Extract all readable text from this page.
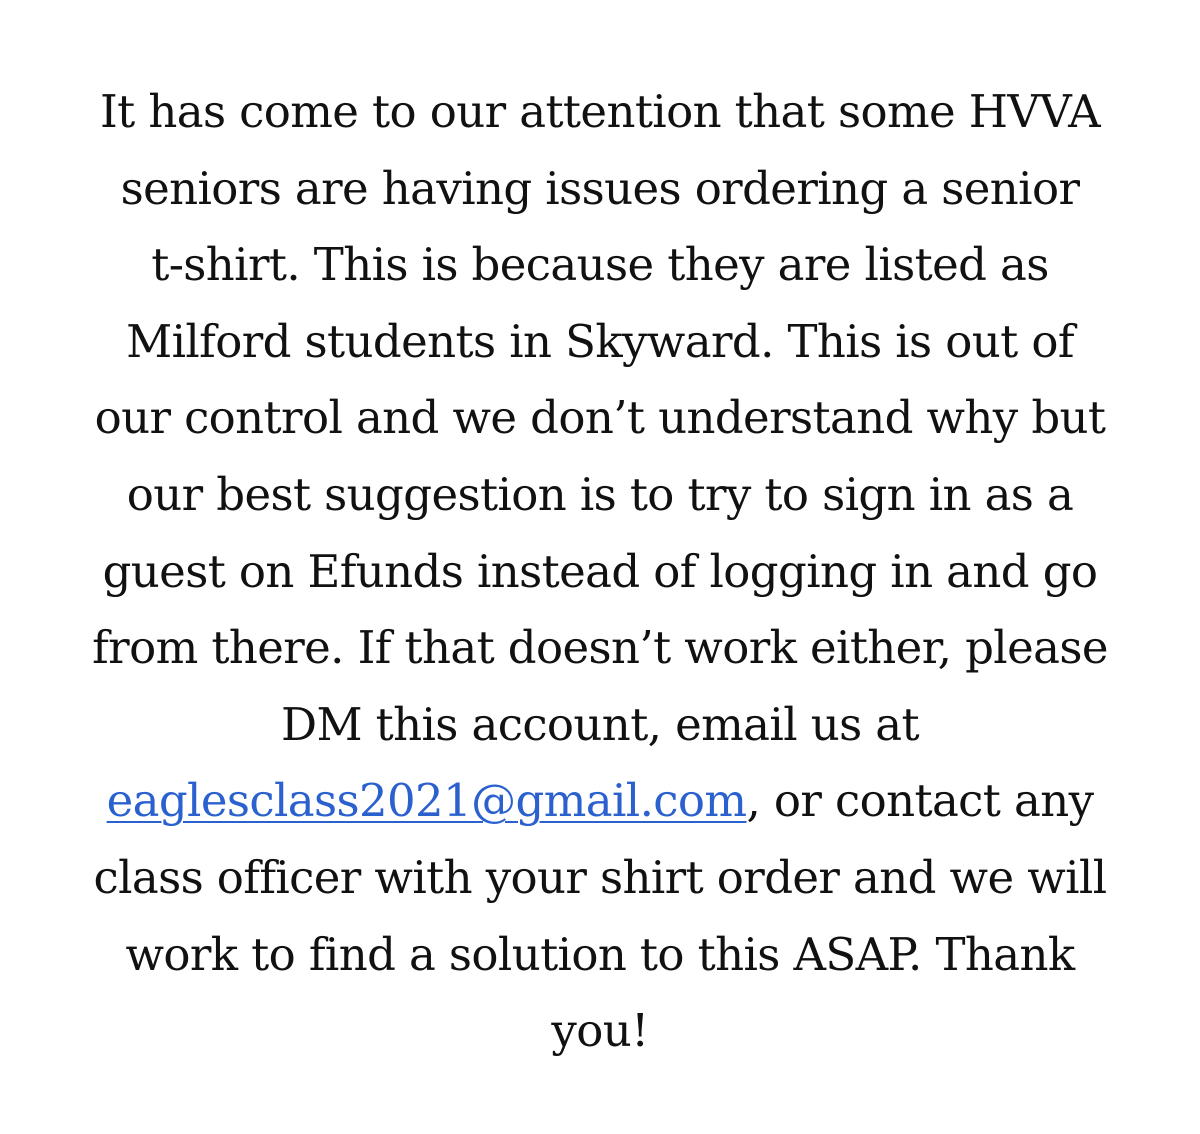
It has come to our attention that some HVVA
seniors are having issues ordering a senior
t-shirt. This is because they are listed as
Milford students in Skyward. This is out of
our control and we don’t understand why but
our best suggestion is to try to sign in as a
guest on Efunds instead of logging in and go
from there. If that doesn’t work either, please
DM this account, email us at
eaglesclass2021@gmail.com, or contact any
class officer with your shirt order and we will
work to find a solution to this ASAP. Thank
you!
